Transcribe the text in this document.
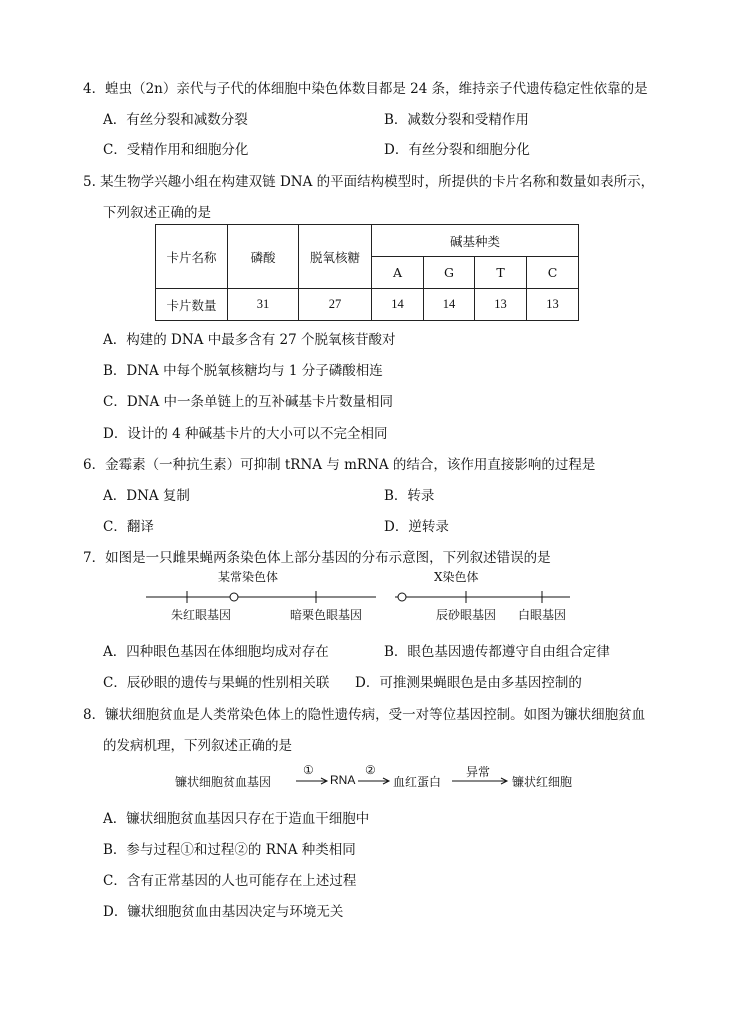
4．蝗虫（2n）亲代与子代的体细胞中染色体数目都是 24 条，维持亲子代遗传稳定性依靠的是
A．有丝分裂和减数分裂	B．减数分裂和受精作用
C．受精作用和细胞分化	D．有丝分裂和细胞分化
5. 某生物学兴趣小组在构建双链 DNA 的平面结构模型时，所提供的卡片名称和数量如表所示，
下列叙述正确的是
卡片名称	磷酸	脱氧核糖	碱基种类			
			A	G	T	C
卡片数量	31	27	14	14	13	13
A．构建的 DNA 中最多含有 27 个脱氧核苷酸对
B．DNA 中每个脱氧核糖均与 1 分子磷酸相连
C．DNA 中一条单链上的互补碱基卡片数量相同
D．设计的 4 种碱基卡片的大小可以不完全相同
6．金霉素（一种抗生素）可抑制 tRNA 与 mRNA 的结合，该作用直接影响的过程是
A．DNA 复制	B．转录
C．翻译	D．逆转录
7．如图是一只雌果蝇两条染色体上部分基因的分布示意图，下列叙述错误的是
某常染色体	X染色体
朱红眼基因	暗栗色眼基因	辰砂眼基因 白眼基因
A．四种眼色基因在体细胞均成对存在	B．眼色基因遗传都遵守自由组合定律
C．辰砂眼的遗传与果蝇的性别相关联 D．可推测果蝇眼色是由多基因控制的
8．镰状细胞贫血是人类常染色体上的隐性遗传病，受一对等位基因控制。如图为镰状细胞贫血
的发病机理，下列叙述正确的是
镰状细胞贫血基因
①
RNA
②
血红蛋白
异常
镰状红细胞
A．镰状细胞贫血基因只存在于造血干细胞中
B．参与过程①和过程②的 RNA 种类相同
C．含有正常基因的人也可能存在上述过程
D．镰状细胞贫血由基因决定与环境无关
